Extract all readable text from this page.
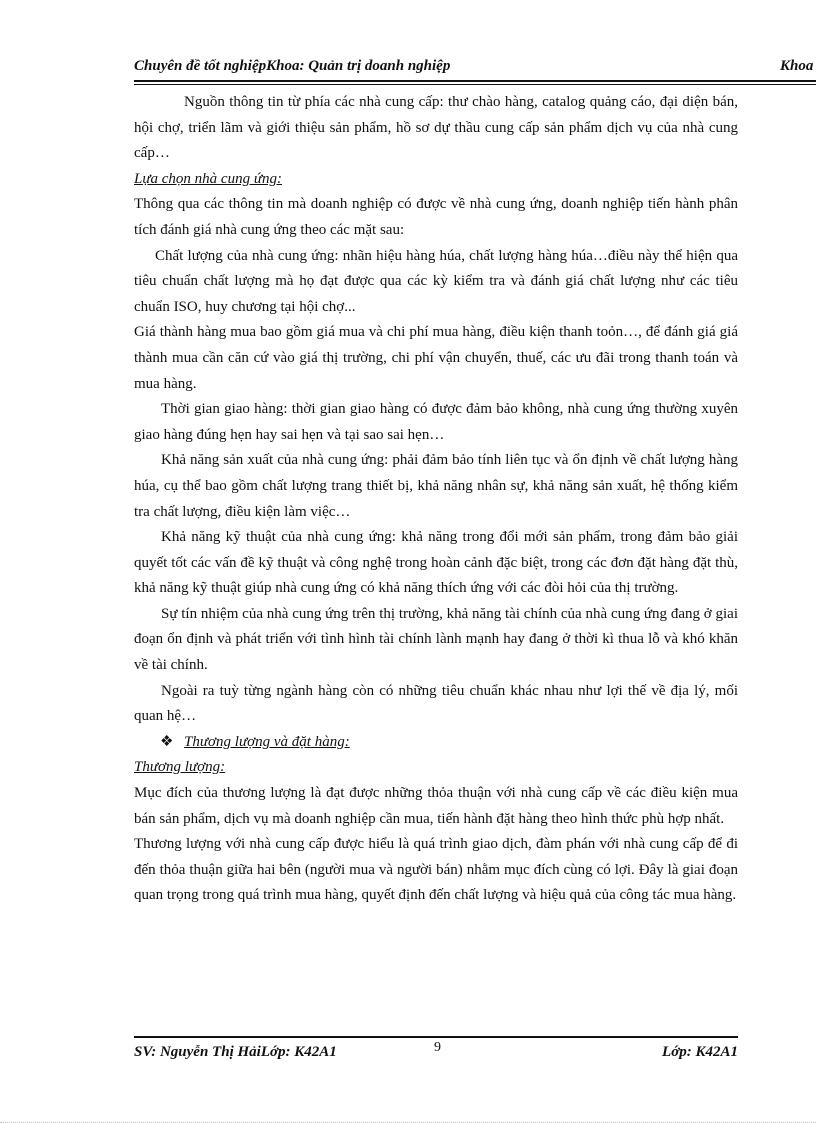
Chuyên đề tốt nghiệpKhoa: Quản trị doanh nghiệp	Khoa

Nguồn thông tin từ phía các nhà cung cấp: thư chào hàng, catalog quảng cáo, đại diện bán, hội chợ, triển lãm và giới thiệu sản phẩm, hồ sơ dự thầu cung cấp sản phẩm dịch vụ của nhà cung cấp…

Lựa chọn nhà cung ứng:

Thông qua các thông tin mà doanh nghiệp có được về nhà cung ứng, doanh nghiệp tiến hành phân tích đánh giá nhà cung ứng theo các mặt sau:

Chất lượng của nhà cung ứng: nhãn hiệu hàng húa, chất lượng hàng húa…điều này thể hiện qua tiêu chuẩn chất lượng mà họ đạt được qua các kỳ kiểm tra và đánh giá chất lượng như các tiêu chuẩn ISO, huy chương tại hội chợ...

Giá thành hàng mua bao gồm giá mua và chi phí mua hàng, điều kiện thanh toỏn…, để đánh giá giá thành mua cần căn cứ vào giá thị trường, chi phí vận chuyển, thuế, các ưu đãi trong thanh toán và mua hàng.

Thời gian giao hàng: thời gian giao hàng có được đảm bảo không, nhà cung ứng thường xuyên giao hàng đúng hẹn hay sai hẹn và tại sao sai hẹn…

Khả năng sản xuất của nhà cung ứng: phải đảm bảo tính liên tục và ổn định về chất lượng hàng húa, cụ thể bao gồm chất lượng trang thiết bị, khả năng nhân sự, khả năng sản xuất, hệ thống kiểm tra chất lượng, điều kiện làm việc…

Khả năng kỹ thuật của nhà cung ứng: khả năng trong đổi mới sản phẩm, trong đảm bảo giải quyết tốt các vấn đề kỹ thuật và công nghệ trong hoàn cảnh đặc biệt, trong các đơn đặt hàng đặt thù, khả năng kỹ thuật giúp nhà cung ứng có khả năng thích ứng với các đòi hỏi của thị trường.

Sự tín nhiệm của nhà cung ứng trên thị trường, khả năng tài chính của nhà cung ứng đang ở giai đoạn ổn định và phát triển với tình hình tài chính lành mạnh hay đang ở thời kì thua lỗ và khó khăn về tài chính.

Ngoài ra tuỳ từng ngành hàng còn có những tiêu chuẩn khác nhau như lợi thế về địa lý, mối quan hệ…

❖ Thương lượng và đặt hàng:

Thương lượng:

Mục đích của thương lượng là đạt được những thỏa thuận với nhà cung cấp về các điều kiện mua bán sản phẩm, dịch vụ mà doanh nghiệp cần mua, tiến hành đặt hàng theo hình thức phù hợp nhất.

Thương lượng với nhà cung cấp được hiểu là quá trình giao dịch, đàm phán với nhà cung cấp để đi đến thỏa thuận giữa hai bên (người mua và người bán) nhằm mục đích cùng có lợi. Đây là giai đoạn quan trọng trong quá trình mua hàng, quyết định đến chất lượng và hiệu quả của công tác mua hàng.

SV: Nguyễn Thị HảiLớp: K42A1	9	Lớp: K42A1
